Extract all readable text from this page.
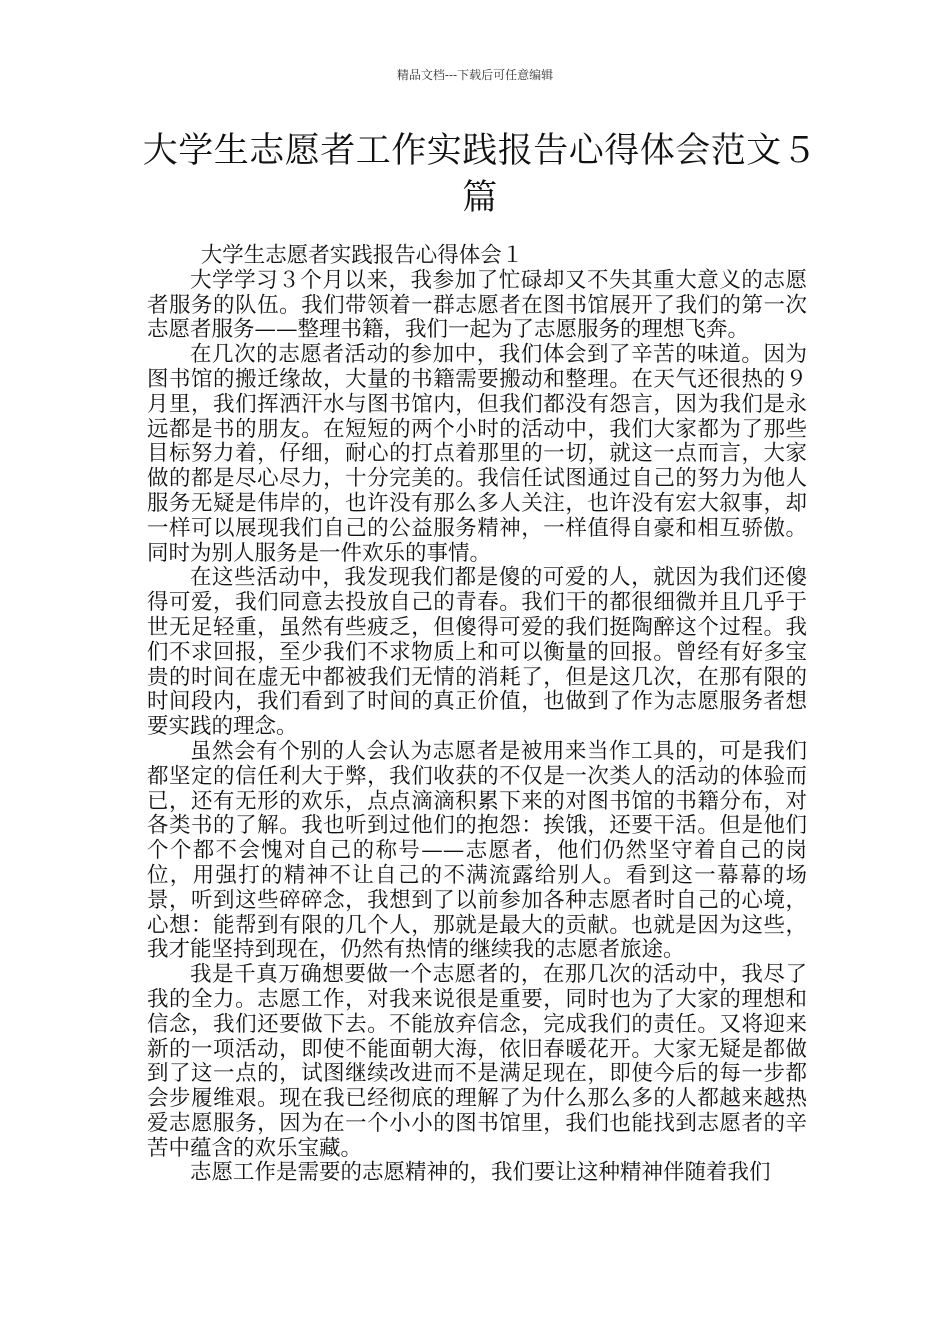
精品文档---下载后可任意编辑
大学生志愿者工作实践报告心得体会范文５篇

大学生志愿者实践报告心得体会１

大学学习３个月以来，我参加了忙碌却又不失其重大意义的志愿者服务的队伍。我们带领着一群志愿者在图书馆展开了我们的第一次志愿者服务——整理书籍，我们一起为了志愿服务的理想飞奔。

在几次的志愿者活动的参加中，我们体会到了辛苦的味道。因为图书馆的搬迁缘故，大量的书籍需要搬动和整理。在天气还很热的９月里，我们挥洒汗水与图书馆内，但我们都没有怨言，因为我们是永远都是书的朋友。在短短的两个小时的活动中，我们大家都为了那些目标努力着，仔细，耐心的打点着那里的一切，就这一点而言，大家做的都是尽心尽力，十分完美的。我信任试图通过自己的努力为他人服务无疑是伟岸的，也许没有那么多人关注，也许没有宏大叙事，却一样可以展现我们自己的公益服务精神，一样值得自豪和相互骄傲。同时为别人服务是一件欢乐的事情。

在这些活动中，我发现我们都是傻的可爱的人，就因为我们还傻得可爱，我们同意去投放自己的青春。我们干的都很细微并且几乎于世无足轻重，虽然有些疲乏，但傻得可爱的我们挺陶醉这个过程。我们不求回报，至少我们不求物质上和可以衡量的回报。曾经有好多宝贵的时间在虚无中都被我们无情的消耗了，但是这几次，在那有限的时间段内，我们看到了时间的真正价值，也做到了作为志愿服务者想要实践的理念。

虽然会有个别的人会认为志愿者是被用来当作工具的，可是我们都坚定的信任利大于弊，我们收获的不仅是一次类人的活动的体验而已，还有无形的欢乐，点点滴滴积累下来的对图书馆的书籍分布，对各类书的了解。我也听到过他们的抱怨：挨饿，还要干活。但是他们个个都不会愧对自己的称号——志愿者，他们仍然坚守着自己的岗位，用强打的精神不让自己的不满流露给别人。看到这一幕幕的场景，听到这些碎碎念，我想到了以前参加各种志愿者时自己的心境，心想：能帮到有限的几个人，那就是最大的贡献。也就是因为这些，我才能坚持到现在，仍然有热情的继续我的志愿者旅途。

我是千真万确想要做一个志愿者的，在那几次的活动中，我尽了我的全力。志愿工作，对我来说很是重要，同时也为了大家的理想和信念，我们还要做下去。不能放弃信念，完成我们的责任。又将迎来新的一项活动，即使不能面朝大海，依旧春暖花开。大家无疑是都做到了这一点的，试图继续改进而不是满足现在，即使今后的每一步都会步履维艰。现在我已经彻底的理解了为什么那么多的人都越来越热爱志愿服务，因为在一个小小的图书馆里，我们也能找到志愿者的辛苦中蕴含的欢乐宝藏。

志愿工作是需要的志愿精神的，我们要让这种精神伴随着我们
